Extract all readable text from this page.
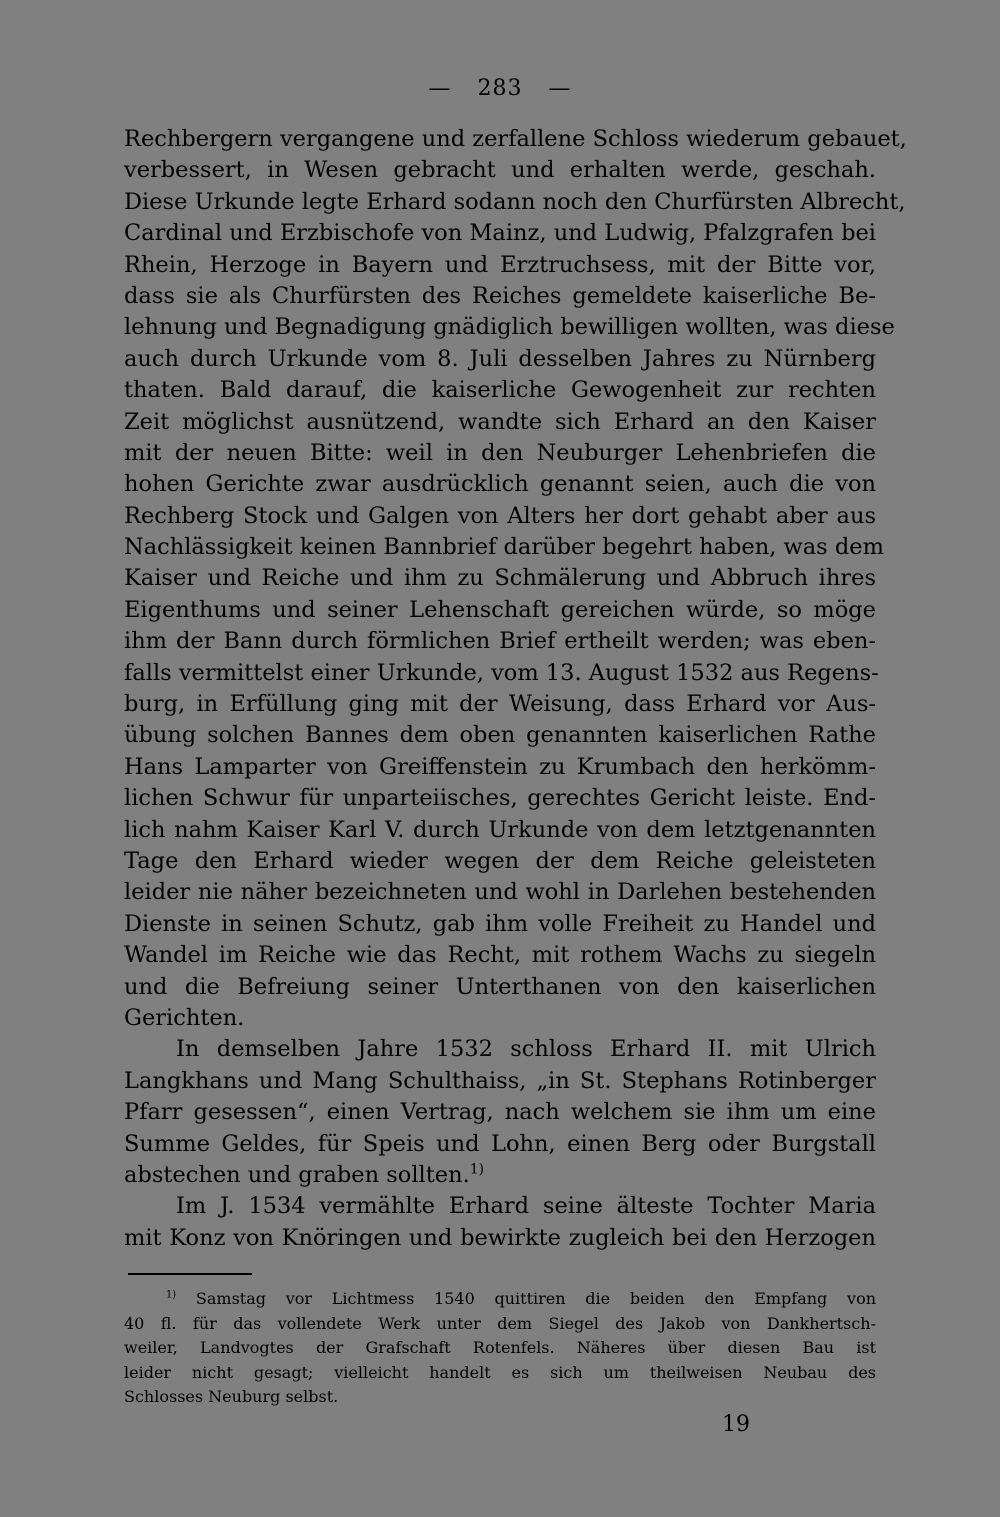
— 283 —
Rechbergern vergangene und zerfallene Schloss wiederum gebauet,
verbessert, in Wesen gebracht und erhalten werde, geschah.
Diese Urkunde legte Erhard sodann noch den Churfürsten Albrecht,
Cardinal und Erzbischofe von Mainz, und Ludwig, Pfalzgrafen bei
Rhein, Herzoge in Bayern und Erztruchsess, mit der Bitte vor,
dass sie als Churfürsten des Reiches gemeldete kaiserliche Be-
lehnung und Begnadigung gnädiglich bewilligen wollten, was diese
auch durch Urkunde vom 8. Juli desselben Jahres zu Nürnberg
thaten. Bald darauf, die kaiserliche Gewogenheit zur rechten
Zeit möglichst ausnützend, wandte sich Erhard an den Kaiser
mit der neuen Bitte: weil in den Neuburger Lehenbriefen die
hohen Gerichte zwar ausdrücklich genannt seien, auch die von
Rechberg Stock und Galgen von Alters her dort gehabt aber aus
Nachlässigkeit keinen Bannbrief darüber begehrt haben, was dem
Kaiser und Reiche und ihm zu Schmälerung und Abbruch ihres
Eigenthums und seiner Lehenschaft gereichen würde, so möge
ihm der Bann durch förmlichen Brief ertheilt werden; was eben-
falls vermittelst einer Urkunde, vom 13. August 1532 aus Regens-
burg, in Erfüllung ging mit der Weisung, dass Erhard vor Aus-
übung solchen Bannes dem oben genannten kaiserlichen Rathe
Hans Lamparter von Greiffenstein zu Krumbach den herkömm-
lichen Schwur für unparteiisches, gerechtes Gericht leiste. End-
lich nahm Kaiser Karl V. durch Urkunde von dem letztgenannten
Tage den Erhard wieder wegen der dem Reiche geleisteten
leider nie näher bezeichneten und wohl in Darlehen bestehenden
Dienste in seinen Schutz, gab ihm volle Freiheit zu Handel und
Wandel im Reiche wie das Recht, mit rothem Wachs zu siegeln
und die Befreiung seiner Unterthanen von den kaiserlichen
Gerichten.
In demselben Jahre 1532 schloss Erhard II. mit Ulrich
Langkhans und Mang Schulthaiss, „in St. Stephans Rotinberger
Pfarr gesessen“, einen Vertrag, nach welchem sie ihm um eine
Summe Geldes, für Speis und Lohn, einen Berg oder Burgstall
abstechen und graben sollten.$^{1)}$
Im J. 1534 vermählte Erhard seine älteste Tochter Maria
mit Konz von Knöringen und bewirkte zugleich bei den Herzogen
$^{1)}$ Samstag vor Lichtmess 1540 quittiren die beiden den Empfang von
40 fl. für das vollendete Werk unter dem Siegel des Jakob von Dankhertsch-
weiler, Landvogtes der Grafschaft Rotenfels. Näheres über diesen Bau ist
leider nicht gesagt; vielleicht handelt es sich um theilweisen Neubau des
Schlosses Neuburg selbst.
19
